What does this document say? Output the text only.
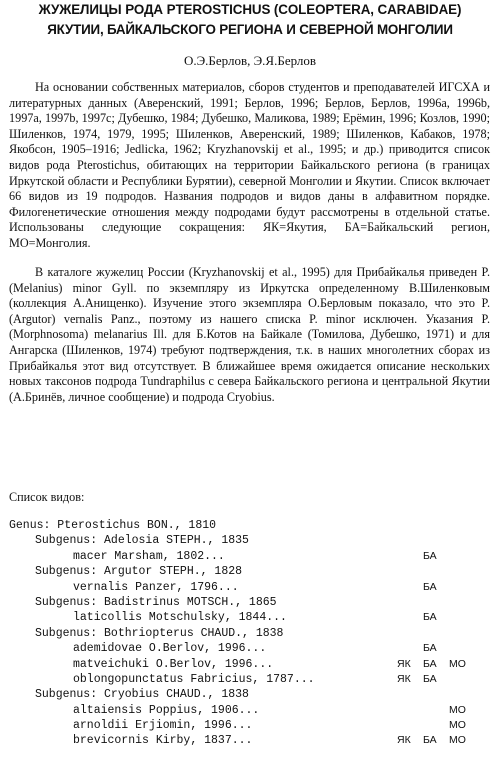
ЖУЖЕЛИЦЫ РОДА PTEROSTICHUS (COLEOPTERA, CARABIDAE)
ЯКУТИИ, БАЙКАЛЬСКОГО РЕГИОНА И СЕВЕРНОЙ МОНГОЛИИ
О.Э.Берлов, Э.Я.Берлов

На основании собственных материалов, сборов студентов и преподавателей ИГСХА и литературных данных (Аверенский, 1991; Берлов, 1996; Берлов, Берлов, 1996a, 1996b, 1997a, 1997b, 1997c; Дубешко, 1984; Дубешко, Маликова, 1989; Ерёмин, 1996; Козлов, 1990; Шиленков, 1974, 1979, 1995; Шиленков, Аверенский, 1989; Шиленков, Кабаков, 1978; Якобсон, 1905–1916; Jedlicka, 1962; Kryzhanovskij et al., 1995; и др.) приводится список видов рода Pterostichus, обитающих на территории Байкальского региона (в границах Иркутской области и Республики Бурятии), северной Монголии и Якутии. Список включает 66 видов из 19 подродов. Названия подродов и видов даны в алфавитном порядке. Филогенетические отношения между подродами будут рассмотрены в отдельной статье. Использованы следующие сокращения: ЯК=Якутия, БА=Байкальский регион, МО=Монголия.

В каталоге жужелиц России (Kryzhanovskij et al., 1995) для Прибайкалья приведен P.(Melanius) minor Gyll. по экземпляру из Иркутска определенному В.Шиленковым (коллекция А.Анищенко). Изучение этого экземпляра О.Берловым показало, что это P.(Argutor) vernalis Panz., поэтому из нашего списка P. minor исключен. Указания P.(Morphnosoma) melanarius Ill. для Б.Котов на Байкале (Томилова, Дубешко, 1971) и для Ангарска (Шиленков, 1974) требуют подтверждения, т.к. в наших многолетних сборах из Прибайкалья этот вид отсутствует. В ближайшее время ожидается описание нескольких новых таксонов подрода Tundraphilus с севера Байкальского региона и центральной Якутии (А.Бринёв, личное сообщение) и подрода Cryobius.

Список видов:
Genus: Pterostichus BON., 1810
Subgenus: Adelosia STEPH., 1835
macer Marsham, 1802...	БА
Subgenus: Argutor STEPH., 1828
vernalis Panzer, 1796...	БА
Subgenus: Badistrinus MOTSCH., 1865
laticollis Motschulsky, 1844...	БА
Subgenus: Bothriopterus CHAUD., 1838
ademidovae O.Berlov, 1996...	БА
matveichuki O.Berlov, 1996...	ЯК БА МО
oblongopunctatus Fabricius, 1787...	ЯК БА
Subgenus: Cryobius CHAUD., 1838
altaiensis Poppius, 1906...	МО
arnoldii Erjiomin, 1996...	МО
brevicornis Kirby, 1837...	ЯК БА МО
